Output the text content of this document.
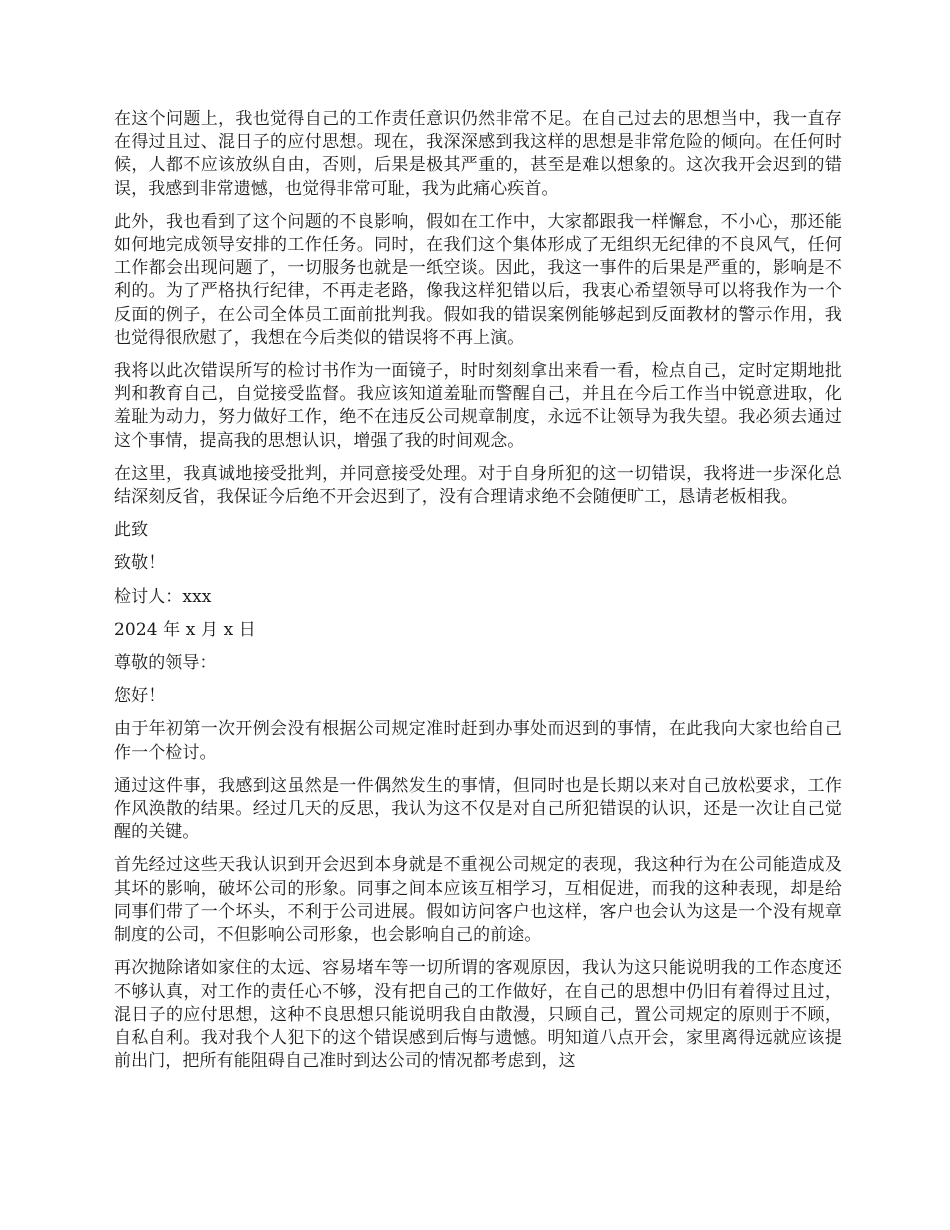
在这个问题上，我也觉得自己的工作责任意识仍然非常不足。在自己过去的思想当中，我一直存在得过且过、混日子的应付思想。现在，我深深感到我这样的思想是非常危险的倾向。在任何时候，人都不应该放纵自由，否则，后果是极其严重的，甚至是难以想象的。这次我开会迟到的错误，我感到非常遗憾，也觉得非常可耻，我为此痛心疾首。

此外，我也看到了这个问题的不良影响，假如在工作中，大家都跟我一样懈怠，不小心，那还能如何地完成领导安排的工作任务。同时，在我们这个集体形成了无组织无纪律的不良风气，任何工作都会出现问题了，一切服务也就是一纸空谈。因此，我这一事件的后果是严重的，影响是不利的。为了严格执行纪律，不再走老路，像我这样犯错以后，我衷心希望领导可以将我作为一个反面的例子，在公司全体员工面前批判我。假如我的错误案例能够起到反面教材的警示作用，我也觉得很欣慰了，我想在今后类似的错误将不再上演。

我将以此次错误所写的检讨书作为一面镜子，时时刻刻拿出来看一看，检点自己，定时定期地批判和教育自己，自觉接受监督。我应该知道羞耻而警醒自己，并且在今后工作当中锐意进取，化羞耻为动力，努力做好工作，绝不在违反公司规章制度，永远不让领导为我失望。我必须去通过这个事情，提高我的思想认识，增强了我的时间观念。

在这里，我真诚地接受批判，并同意接受处理。对于自身所犯的这一切错误，我将进一步深化总结深刻反省，我保证今后绝不开会迟到了，没有合理请求绝不会随便旷工，恳请老板相我。

此致

致敬！

检讨人：xxx

2024 年 x 月 x 日

尊敬的领导：

您好！

由于年初第一次开例会没有根据公司规定准时赶到办事处而迟到的事情，在此我向大家也给自己作一个检讨。

通过这件事，我感到这虽然是一件偶然发生的事情，但同时也是长期以来对自己放松要求，工作作风涣散的结果。经过几天的反思，我认为这不仅是对自己所犯错误的认识，还是一次让自己觉醒的关键。

首先经过这些天我认识到开会迟到本身就是不重视公司规定的表现，我这种行为在公司能造成及其坏的影响，破坏公司的形象。同事之间本应该互相学习，互相促进，而我的这种表现，却是给同事们带了一个坏头，不利于公司进展。假如访问客户也这样，客户也会认为这是一个没有规章制度的公司，不但影响公司形象，也会影响自己的前途。

再次抛除诸如家住的太远、容易堵车等一切所谓的客观原因，我认为这只能说明我的工作态度还不够认真，对工作的责任心不够，没有把自己的工作做好，在自己的思想中仍旧有着得过且过，混日子的应付思想，这种不良思想只能说明我自由散漫，只顾自己，置公司规定的原则于不顾，自私自利。我对我个人犯下的这个错误感到后悔与遗憾。明知道八点开会，家里离得远就应该提前出门，把所有能阻碍自己准时到达公司的情况都考虑到，这
